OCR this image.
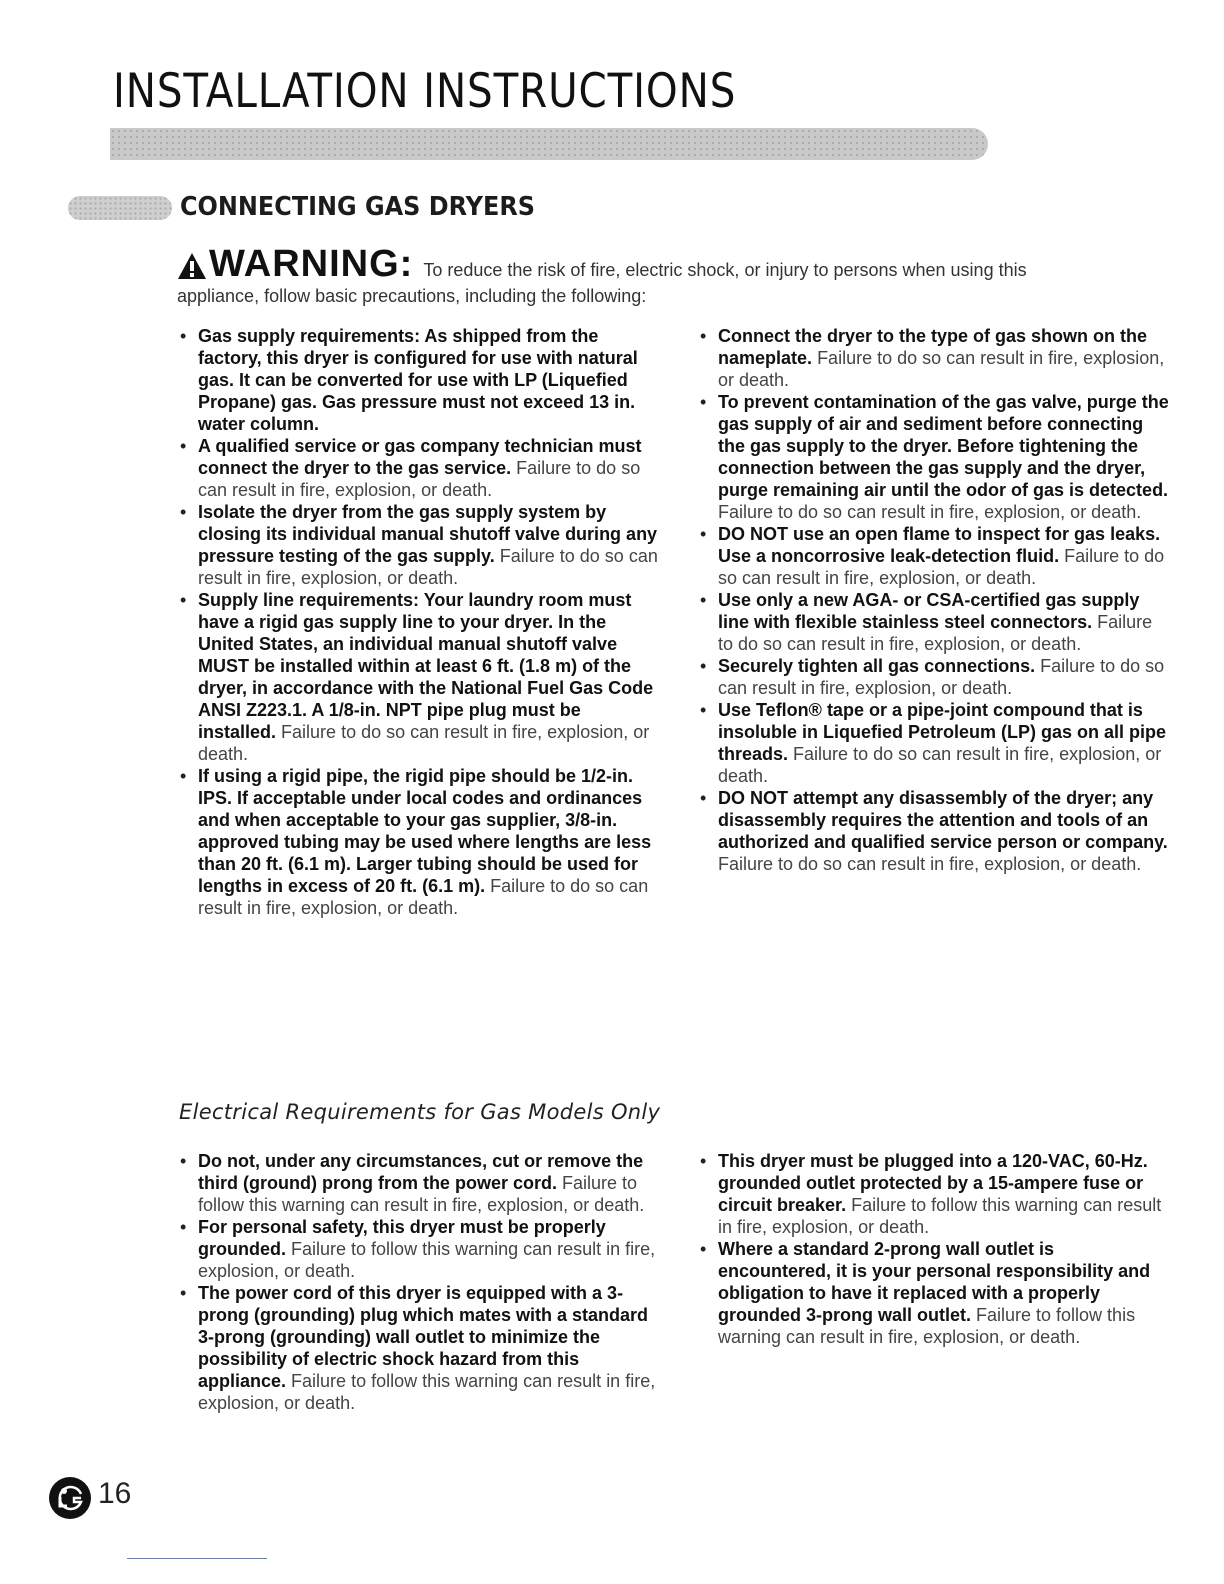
INSTALLATION INSTRUCTIONS
CONNECTING GAS DRYERS
WARNING: To reduce the risk of fire, electric shock, or injury to persons when using this
appliance, follow basic precautions, including the following:
• Gas supply requirements: As shipped from the factory, this dryer is configured for use with natural gas. It can be converted for use with LP (Liquefied Propane) gas. Gas pressure must not exceed 13 in. water column.
• A qualified service or gas company technician must connect the dryer to the gas service. Failure to do so can result in fire, explosion, or death.
• Isolate the dryer from the gas supply system by closing its individual manual shutoff valve during any pressure testing of the gas supply. Failure to do so can result in fire, explosion, or death.
• Supply line requirements: Your laundry room must have a rigid gas supply line to your dryer. In the United States, an individual manual shutoff valve MUST be installed within at least 6 ft. (1.8 m) of the dryer, in accordance with the National Fuel Gas Code ANSI Z223.1. A 1/8-in. NPT pipe plug must be installed. Failure to do so can result in fire, explosion, or death.
• If using a rigid pipe, the rigid pipe should be 1/2-in. IPS. If acceptable under local codes and ordinances and when acceptable to your gas supplier, 3/8-in. approved tubing may be used where lengths are less than 20 ft. (6.1 m). Larger tubing should be used for lengths in excess of 20 ft. (6.1 m). Failure to do so can result in fire, explosion, or death.
• Connect the dryer to the type of gas shown on the nameplate. Failure to do so can result in fire, explosion, or death.
• To prevent contamination of the gas valve, purge the gas supply of air and sediment before connecting the gas supply to the dryer. Before tightening the connection between the gas supply and the dryer, purge remaining air until the odor of gas is detected. Failure to do so can result in fire, explosion, or death.
• DO NOT use an open flame to inspect for gas leaks. Use a noncorrosive leak-detection fluid. Failure to do so can result in fire, explosion, or death.
• Use only a new AGA- or CSA-certified gas supply line with flexible stainless steel connectors. Failure to do so can result in fire, explosion, or death.
• Securely tighten all gas connections. Failure to do so can result in fire, explosion, or death.
• Use Teflon® tape or a pipe-joint compound that is insoluble in Liquefied Petroleum (LP) gas on all pipe threads. Failure to do so can result in fire, explosion, or death.
• DO NOT attempt any disassembly of the dryer; any disassembly requires the attention and tools of an authorized and qualified service person or company. Failure to do so can result in fire, explosion, or death.
Electrical Requirements for Gas Models Only
• Do not, under any circumstances, cut or remove the third (ground) prong from the power cord. Failure to follow this warning can result in fire, explosion, or death.
• For personal safety, this dryer must be properly grounded. Failure to follow this warning can result in fire, explosion, or death.
• The power cord of this dryer is equipped with a 3-prong (grounding) plug which mates with a standard 3-prong (grounding) wall outlet to minimize the possibility of electric shock hazard from this appliance. Failure to follow this warning can result in fire, explosion, or death.
• This dryer must be plugged into a 120-VAC, 60-Hz. grounded outlet protected by a 15-ampere fuse or circuit breaker. Failure to follow this warning can result in fire, explosion, or death.
• Where a standard 2-prong wall outlet is encountered, it is your personal responsibility and obligation to have it replaced with a properly grounded 3-prong wall outlet. Failure to follow this warning can result in fire, explosion, or death.
16
